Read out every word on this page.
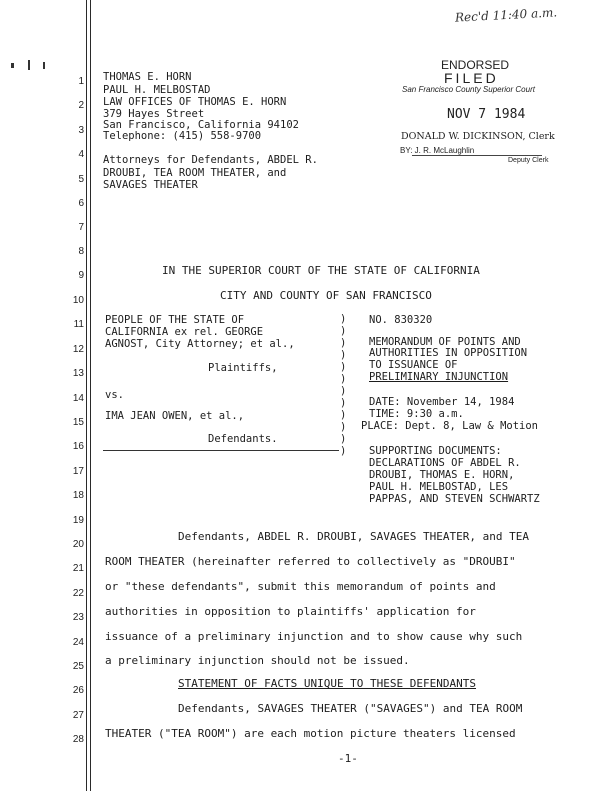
Rec'd 11:40 a.m.
1
2
3
4
5
6
7
8
9
10
11
12
13
14
15
16
17
18
19
20
21
22
23
24
25
26
27
28
THOMAS E. HORN
PAUL H. MELBOSTAD
LAW OFFICES OF THOMAS E. HORN
379 Hayes Street
San Francisco, California 94102
Telephone: (415) 558-9700
Attorneys for Defendants, ABDEL R.
DROUBI, TEA ROOM THEATER, and
SAVAGES THEATER
ENDORSED
FILED
San Francisco County Superior Court
NOV 7 1984
DONALD W. DICKINSON, Clerk
BY: J. R. McLaughlin
Deputy Clerk
IN THE SUPERIOR COURT OF THE STATE OF CALIFORNIA
CITY AND COUNTY OF SAN FRANCISCO
PEOPLE OF THE STATE OF
CALIFORNIA ex rel. GEORGE
AGNOST, City Attorney; et al.,
Plaintiffs,
vs.
IMA JEAN OWEN, et al.,
Defendants.
)
)
)
)
)
)
)
)
)
)
)
)
NO. 830320
MEMORANDUM OF POINTS AND
AUTHORITIES IN OPPOSITION
TO ISSUANCE OF
PRELIMINARY INJUNCTION
DATE: November 14, 1984
TIME: 9:30 a.m.
PLACE: Dept. 8, Law & Motion
SUPPORTING DOCUMENTS:
DECLARATIONS OF ABDEL R.
DROUBI, THOMAS E. HORN,
PAUL H. MELBOSTAD, LES
PAPPAS, AND STEVEN SCHWARTZ
Defendants, ABDEL R. DROUBI, SAVAGES THEATER, and TEA
ROOM THEATER (hereinafter referred to collectively as "DROUBI"
or "these defendants", submit this memorandum of points and
authorities in opposition to plaintiffs' application for
issuance of a preliminary injunction and to show cause why such
a preliminary injunction should not be issued.
STATEMENT OF FACTS UNIQUE TO THESE DEFENDANTS
Defendants, SAVAGES THEATER ("SAVAGES") and TEA ROOM
THEATER ("TEA ROOM") are each motion picture theaters licensed
-1-
